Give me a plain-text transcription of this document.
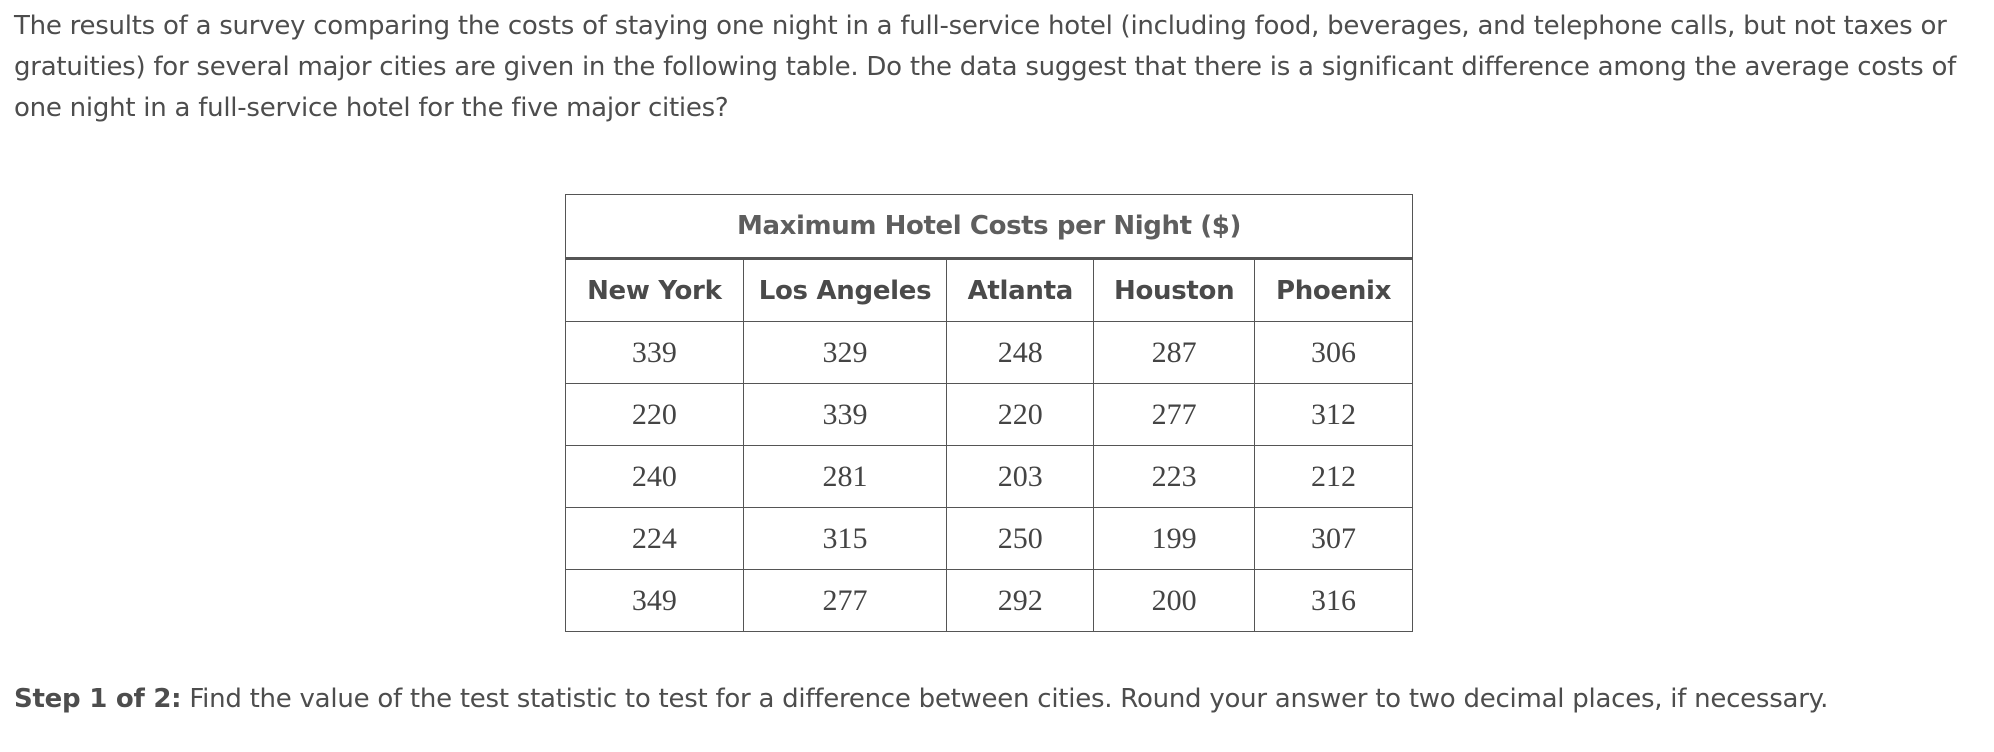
The results of a survey comparing the costs of staying one night in a full-service hotel (including food, beverages, and telephone calls, but not taxes or gratuities) for several major cities are given in the following table. Do the data suggest that there is a significant difference among the average costs of one night in a full-service hotel for the five major cities?

Maximum Hotel Costs per Night ($)				
New York	Los Angeles	Atlanta	Houston	Phoenix
339	329	248	287	306
220	339	220	277	312
240	281	203	223	212
224	315	250	199	307
349	277	292	200	316

Step 1 of 2: Find the value of the test statistic to test for a difference between cities. Round your answer to two decimal places, if necessary.
